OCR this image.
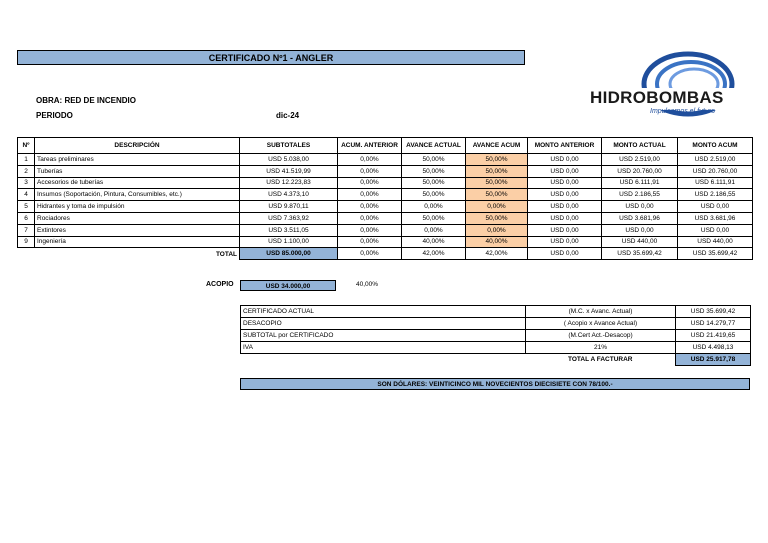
CERTIFICADO Nº1 - ANGLER
OBRA: RED DE INCENDIO
PERIODO	dic-24
HIDROBOMBAS
Impulsamos el futuro
Nº	DESCRIPCIÓN	SUBTOTALES	ACUM. ANTERIOR	AVANCE ACTUAL	AVANCE ACUM	MONTO ANTERIOR	MONTO ACTUAL	MONTO ACUM
1	Tareas preliminares	USD 5.038,00	0,00%	50,00%	50,00%	USD 0,00	USD 2.519,00	USD 2.519,00
2	Tuberías	USD 41.519,99	0,00%	50,00%	50,00%	USD 0,00	USD 20.760,00	USD 20.760,00
3	Accesorios de tuberías	USD 12.223,83	0,00%	50,00%	50,00%	USD 0,00	USD 6.111,91	USD 6.111,91
4	Insumos (Soportación, Pintura, Consumibles, etc.)	USD 4.373,10	0,00%	50,00%	50,00%	USD 0,00	USD 2.186,55	USD 2.186,55
5	Hidrantes y toma de impulsión	USD 9.870,11	0,00%	0,00%	0,00%	USD 0,00	USD 0,00	USD 0,00
6	Rociadores	USD 7.363,92	0,00%	50,00%	50,00%	USD 0,00	USD 3.681,96	USD 3.681,96
7	Extintores	USD 3.511,05	0,00%	0,00%	0,00%	USD 0,00	USD 0,00	USD 0,00
9	Ingeniería	USD 1.100,00	0,00%	40,00%	40,00%	USD 0,00	USD 440,00	USD 440,00
	TOTAL	USD 85.000,00	0,00%	42,00%	42,00%	USD 0,00	USD 35.699,42	USD 35.699,42
ACOPIO	USD 34.000,00	40,00%
CERTIFICADO ACTUAL	(M.C. x Avanc. Actual)	USD 35.699,42
DESACOPIO	( Acopio x Avance Actual)	USD 14.279,77
SUBTOTAL por CERTIFICADO	(M.Cert Act.-Desacop)	USD 21.419,65
IVA	21%	USD 4.498,13
	TOTAL A FACTURAR	USD 25.917,78
SON DÓLARES: VEINTICINCO MIL NOVECIENTOS DIECISIETE CON 78/100.-
